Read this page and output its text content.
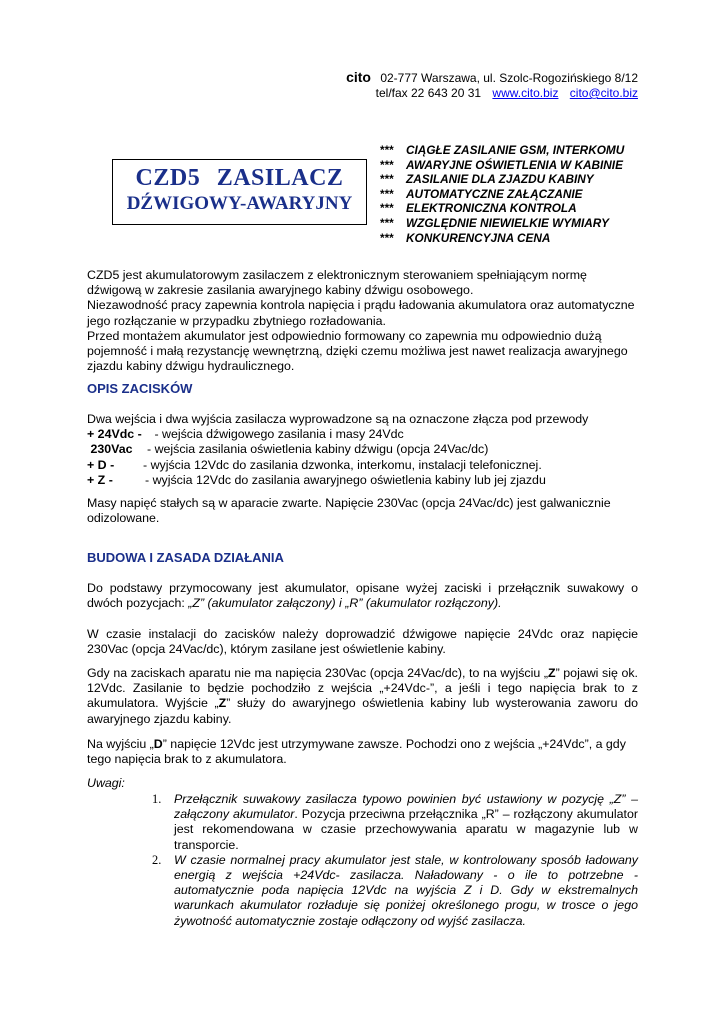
cito 02-777 Warszawa, ul. Szolc-Rogozińskiego 8/12
tel/fax 22 643 20 31 www.cito.biz cito@cito.biz
CZD5 ZASILACZ
DŹWIGOWY-AWARYJNY
*** CIĄGŁE ZASILANIE GSM, INTERKOMU
*** AWARYJNE OŚWIETLENIA W KABINIE
*** ZASILANIE DLA ZJAZDU KABINY
*** AUTOMATYCZNE ZAŁĄCZANIE
*** ELEKTRONICZNA KONTROLA
*** WZGLĘDNIE NIEWIELKIE WYMIARY
*** KONKURENCYJNA CENA
CZD5 jest akumulatorowym zasilaczem z elektronicznym sterowaniem spełniającym normę dźwigową w zakresie zasilania awaryjnego kabiny dźwigu osobowego.
Niezawodność pracy zapewnia kontrola napięcia i prądu ładowania akumulatora oraz automatyczne jego rozłączanie w przypadku zbytniego rozładowania.
Przed montażem akumulator jest odpowiednio formowany co zapewnia mu odpowiednio dużą pojemność i małą rezystancję wewnętrzną, dzięki czemu możliwa jest nawet realizacja awaryjnego zjazdu kabiny dźwigu hydraulicznego.
OPIS ZACISKÓW
Dwa wejścia i dwa wyjścia zasilacza wyprowadzone są na oznaczone złącza pod przewody
+ 24Vdc - - wejścia dźwigowego zasilania i masy 24Vdc
230Vac - wejścia zasilania oświetlenia kabiny dźwigu (opcja 24Vac/dc)
+ D - - wyjścia 12Vdc do zasilania dzwonka, interkomu, instalacji telefonicznej.
+ Z -	- wyjścia 12Vdc do zasilania awaryjnego oświetlenia kabiny lub jej zjazdu
Masy napięć stałych są w aparacie zwarte. Napięcie 230Vac (opcja 24Vac/dc) jest galwanicznie odizolowane.
BUDOWA I ZASADA DZIAŁANIA
Do podstawy przymocowany jest akumulator, opisane wyżej zaciski i przełącznik suwakowy o dwóch pozycjach: „Z” (akumulator załączony) i „R” (akumulator rozłączony).
W czasie instalacji do zacisków należy doprowadzić dźwigowe napięcie 24Vdc oraz napięcie 230Vac (opcja 24Vac/dc), którym zasilane jest oświetlenie kabiny.
Gdy na zaciskach aparatu nie ma napięcia 230Vac (opcja 24Vac/dc), to na wyjściu „Z” pojawi się ok. 12Vdc. Zasilanie to będzie pochodziło z wejścia „+24Vdc-”, a jeśli i tego napięcia brak to z akumulatora. Wyjście „Z” służy do awaryjnego oświetlenia kabiny lub wysterowania zaworu do awaryjnego zjazdu kabiny.
Na wyjściu „D” napięcie 12Vdc jest utrzymywane zawsze. Pochodzi ono z wejścia „+24Vdc”, a gdy tego napięcia brak to z akumulatora.
Uwagi:
1. Przełącznik suwakowy zasilacza typowo powinien być ustawiony w pozycję „Z” – załączony akumulator. Pozycja przeciwna przełącznika „R” – rozłączony akumulator jest rekomendowana w czasie przechowywania aparatu w magazynie lub w transporcie.
2. W czasie normalnej pracy akumulator jest stale, w kontrolowany sposób ładowany energią z wejścia +24Vdc- zasilacza. Naładowany - o ile to potrzebne - automatycznie poda napięcia 12Vdc na wyjścia Z i D. Gdy w ekstremalnych warunkach akumulator rozładuje się poniżej określonego progu, w trosce o jego żywotność automatycznie zostaje odłączony od wyjść zasilacza.
